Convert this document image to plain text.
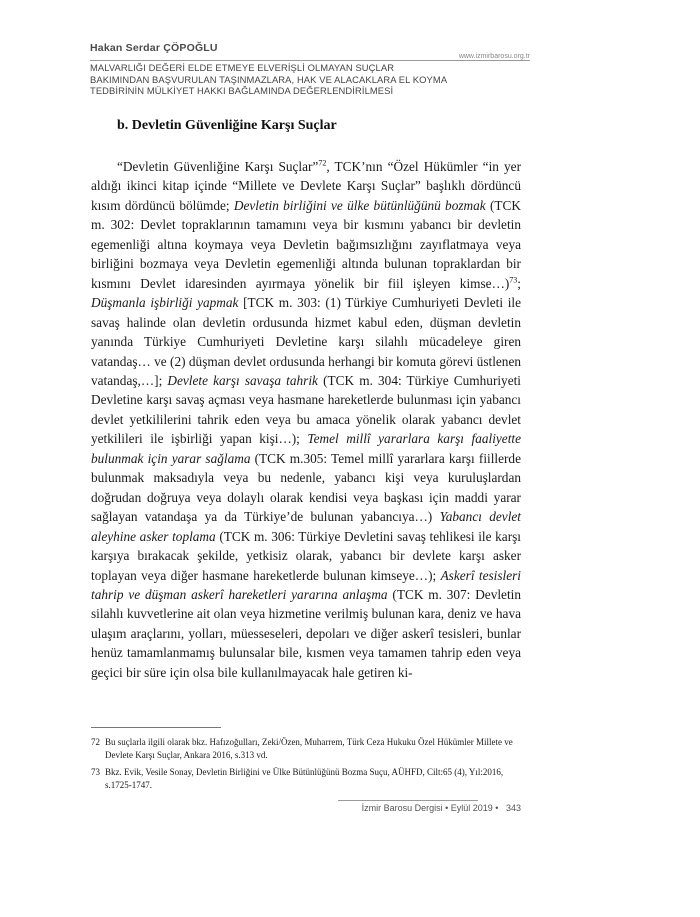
Hakan Serdar ÇÖPOĞLU
www.izmirbarosu.org.tr
MALVARLIĞI DEĞERİ ELDE ETMEYE ELVERİŞLİ OLMAYAN SUÇLAR
BAKIMINDAN BAŞVURULAN TAŞINMAZLARA, HAK VE ALACAKLARA EL KOYMA
TEDBİRİNİN MÜLKİYET HAKKI BAĞLAMINDA DEĞERLENDİRİLMESİ
b. Devletin Güvenliğine Karşı Suçlar

“Devletin Güvenliğine Karşı Suçlar”$^{72}$, TCK’nın “Özel Hükümler “in yer aldığı ikinci kitap içinde “Millete ve Devlete Karşı Suçlar” başlıklı dördüncü kısım dördüncü bölümde; Devletin birliğini ve ülke bütünlüğünü bozmak (TCK m. 302: Devlet topraklarının tamamını veya bir kısmını yabancı bir devletin egemenliği altına koymaya veya Devletin bağımsızlığını zayıflatmaya veya birliğini bozmaya veya Devletin egemenliği altında bulunan topraklardan bir kısmını Devlet idaresinden ayırmaya yönelik bir fiil işleyen kimse…)$^{73}$; Düşmanla işbirliği yapmak [TCK m. 303: (1) Türkiye Cumhuriyeti Devleti ile savaş halinde olan devletin ordusunda hizmet kabul eden, düşman devletin yanında Türkiye Cumhuriyeti Devletine karşı silahlı mücadeleye giren vatandaş… ve (2) düşman devlet ordusunda herhangi bir komuta görevi üstlenen vatandaş,…]; Devlete karşı savaşa tahrik (TCK m. 304: Türkiye Cumhuriyeti Devletine karşı savaş açması veya hasmane hareketlerde bulunması için yabancı devlet yetkililerini tahrik eden veya bu amaca yönelik olarak yabancı devlet yetkilileri ile işbirliği yapan kişi…); Temel millî yararlara karşı faaliyette bulunmak için yarar sağlama (TCK m.305: Temel millî yararlara karşı fiillerde bulunmak maksadıyla veya bu nedenle, yabancı kişi veya kuruluşlardan doğrudan doğruya veya dolaylı olarak kendisi veya başkası için maddi yarar sağlayan vatandaşa ya da Türkiye’de bulunan yabancıya…) Yabancı devlet aleyhine asker toplama (TCK m. 306: Türkiye Devletini savaş tehlikesi ile karşı karşıya bırakacak şekilde, yetkisiz olarak, yabancı bir devlete karşı asker toplayan veya diğer hasmane hareketlerde bulunan kimseye…); Askerî tesisleri tahrip ve düşman askerî hareketleri yararına anlaşma (TCK m. 307: Devletin silahlı kuvvetlerine ait olan veya hizmetine verilmiş bulunan kara, deniz ve hava ulaşım araçlarını, yolları, müesseseleri, depoları ve diğer askerî tesisleri, bunlar henüz tamamlanmamış bulunsalar bile, kısmen veya tamamen tahrip eden veya geçici bir süre için olsa bile kullanılmayacak hale getiren ki-

72 Bu suçlarla ilgili olarak bkz. Hafızoğulları, Zeki/Özen, Muharrem, Türk Ceza Hukuku Özel Hükümler Millete ve Devlete Karşı Suçlar, Ankara 2016, s.313 vd.
73 Bkz. Evik, Vesile Sonay, Devletin Birliğini ve Ülke Bütünlüğünü Bozma Suçu, AÜHFD, Cilt:65 (4), Yıl:2016, s.1725-1747.
İzmir Barosu Dergisi • Eylül 2019 • 343
